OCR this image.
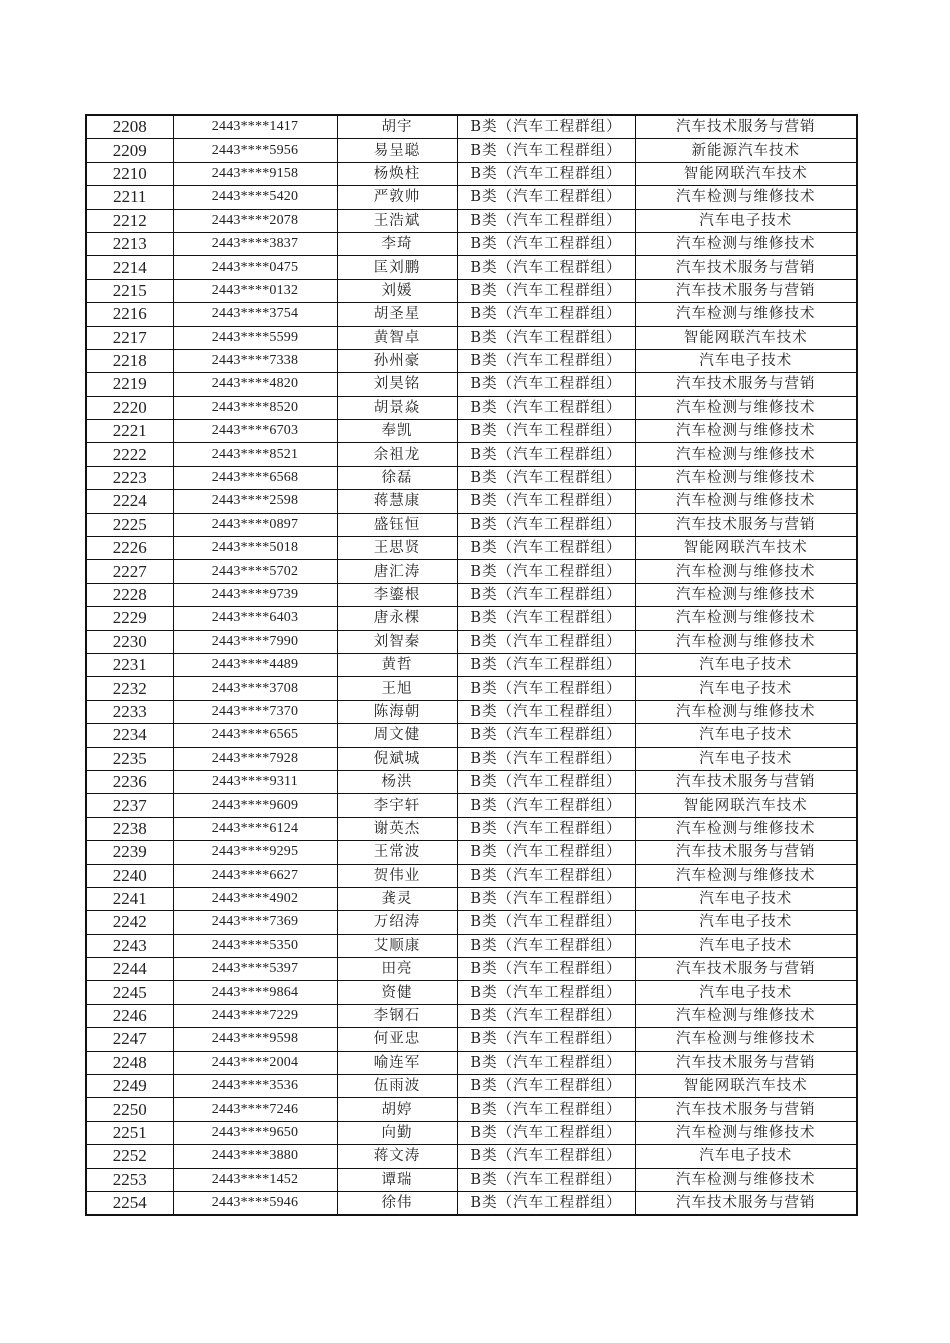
2208	2443****1417	胡宇	B类（汽车工程群组）	汽车技术服务与营销
2209	2443****5956	易呈聪	B类（汽车工程群组）	新能源汽车技术
2210	2443****9158	杨焕柱	B类（汽车工程群组）	智能网联汽车技术
2211	2443****5420	严敦帅	B类（汽车工程群组）	汽车检测与维修技术
2212	2443****2078	王浩斌	B类（汽车工程群组）	汽车电子技术
2213	2443****3837	李琦	B类（汽车工程群组）	汽车检测与维修技术
2214	2443****0475	匡刘鹏	B类（汽车工程群组）	汽车技术服务与营销
2215	2443****0132	刘媛	B类（汽车工程群组）	汽车技术服务与营销
2216	2443****3754	胡圣星	B类（汽车工程群组）	汽车检测与维修技术
2217	2443****5599	黄智卓	B类（汽车工程群组）	智能网联汽车技术
2218	2443****7338	孙州豪	B类（汽车工程群组）	汽车电子技术
2219	2443****4820	刘昊铭	B类（汽车工程群组）	汽车技术服务与营销
2220	2443****8520	胡景焱	B类（汽车工程群组）	汽车检测与维修技术
2221	2443****6703	奉凯	B类（汽车工程群组）	汽车检测与维修技术
2222	2443****8521	余祖龙	B类（汽车工程群组）	汽车检测与维修技术
2223	2443****6568	徐磊	B类（汽车工程群组）	汽车检测与维修技术
2224	2443****2598	蒋慧康	B类（汽车工程群组）	汽车检测与维修技术
2225	2443****0897	盛钰恒	B类（汽车工程群组）	汽车技术服务与营销
2226	2443****5018	王思贤	B类（汽车工程群组）	智能网联汽车技术
2227	2443****5702	唐汇涛	B类（汽车工程群组）	汽车检测与维修技术
2228	2443****9739	李鎏根	B类（汽车工程群组）	汽车检测与维修技术
2229	2443****6403	唐永棵	B类（汽车工程群组）	汽车检测与维修技术
2230	2443****7990	刘智秦	B类（汽车工程群组）	汽车检测与维修技术
2231	2443****4489	黄哲	B类（汽车工程群组）	汽车电子技术
2232	2443****3708	王旭	B类（汽车工程群组）	汽车电子技术
2233	2443****7370	陈海朝	B类（汽车工程群组）	汽车检测与维修技术
2234	2443****6565	周文健	B类（汽车工程群组）	汽车电子技术
2235	2443****7928	倪斌城	B类（汽车工程群组）	汽车电子技术
2236	2443****9311	杨洪	B类（汽车工程群组）	汽车技术服务与营销
2237	2443****9609	李宇轩	B类（汽车工程群组）	智能网联汽车技术
2238	2443****6124	谢英杰	B类（汽车工程群组）	汽车检测与维修技术
2239	2443****9295	王常波	B类（汽车工程群组）	汽车技术服务与营销
2240	2443****6627	贺伟业	B类（汽车工程群组）	汽车检测与维修技术
2241	2443****4902	龚灵	B类（汽车工程群组）	汽车电子技术
2242	2443****7369	万绍涛	B类（汽车工程群组）	汽车电子技术
2243	2443****5350	艾顺康	B类（汽车工程群组）	汽车电子技术
2244	2443****5397	田亮	B类（汽车工程群组）	汽车技术服务与营销
2245	2443****9864	资健	B类（汽车工程群组）	汽车电子技术
2246	2443****7229	李钢石	B类（汽车工程群组）	汽车检测与维修技术
2247	2443****9598	何亚忠	B类（汽车工程群组）	汽车检测与维修技术
2248	2443****2004	喻连军	B类（汽车工程群组）	汽车技术服务与营销
2249	2443****3536	伍雨波	B类（汽车工程群组）	智能网联汽车技术
2250	2443****7246	胡婷	B类（汽车工程群组）	汽车技术服务与营销
2251	2443****9650	向勤	B类（汽车工程群组）	汽车检测与维修技术
2252	2443****3880	蒋文涛	B类（汽车工程群组）	汽车电子技术
2253	2443****1452	谭瑞	B类（汽车工程群组）	汽车检测与维修技术
2254	2443****5946	徐伟	B类（汽车工程群组）	汽车技术服务与营销
